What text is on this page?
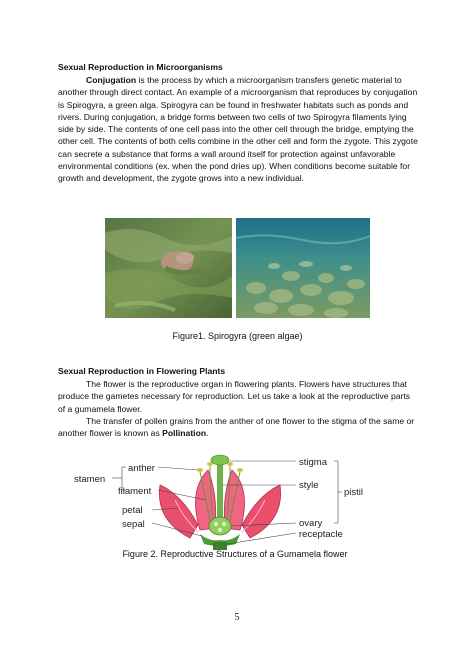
Sexual Reproduction in Microorganisms
Conjugation is the process by which a microorganism transfers genetic material to another through direct contact. An example of a microorganism that reproduces by conjugation is Spirogyra, a green alga. Spirogyra can be found in freshwater habitats such as ponds and rivers. During conjugation, a bridge forms between two cells of two Spirogyra filaments lying side by side. The contents of one cell pass into the other cell through the bridge, emptying the other cell. The contents of both cells combine in the other cell and form the zygote. This zygote can secrete a substance that forms a wall around itself for protection against unfavorable environmental conditions (ex. when the pond dries up). When conditions become suitable for growth and development, the zygote grows into a new individual.
Figure1. Spirogyra (green algae)
Sexual Reproduction in Flowering Plants
The flower is the reproductive organ in flowering plants. Flowers have structures that produce the gametes necessary for reproduction. Let us take a look at the reproductive parts of a gumamela flower.
The transfer of pollen grains from the anther of one flower to the stigma of the same or another flower is known as Pollination.
stamen
anther
filament
petal
sepal
stigma
style
pistil
ovary
receptacle
Figure 2. Reproductive Structures of a Gumamela flower
5
